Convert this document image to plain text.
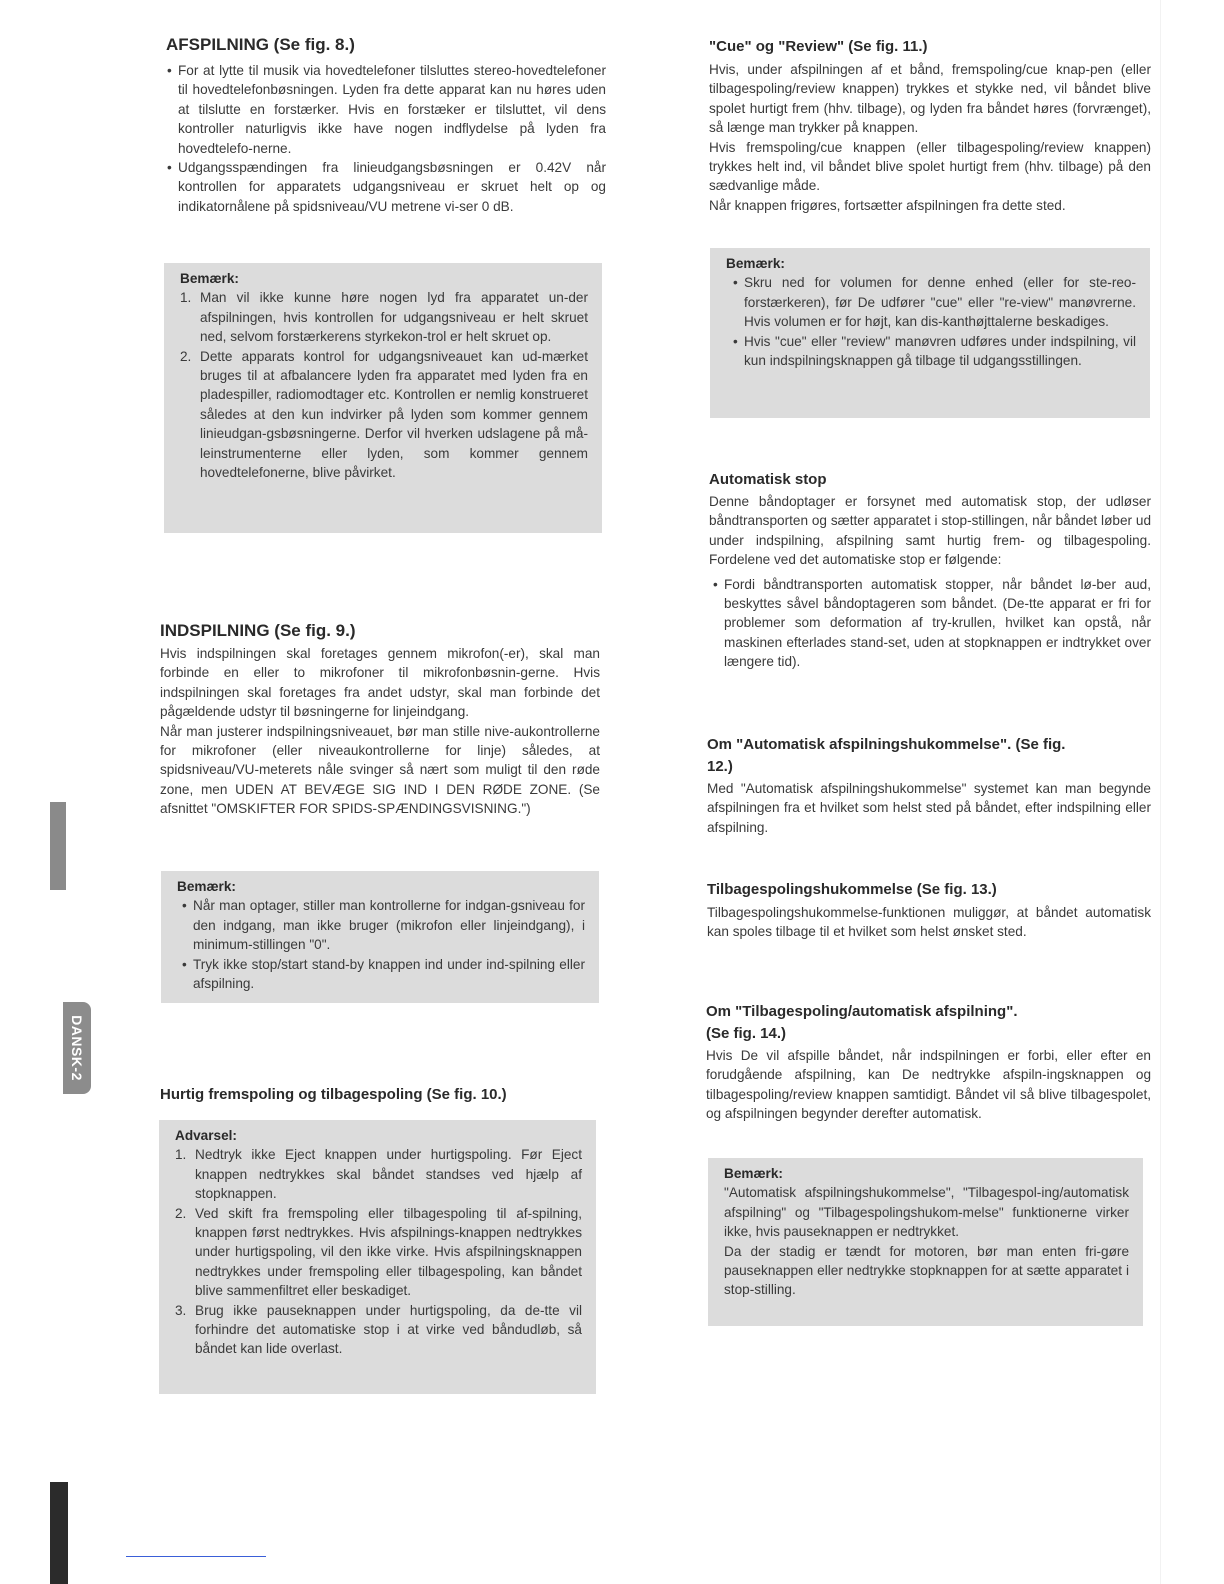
DANSK-2
AFSPILNING (Se fig. 8.)
• For at lytte til musik via hovedtelefoner tilsluttes stereo-hovedtelefoner til hovedtelefonbøsningen. Lyden fra dette apparat kan nu høres uden at tilslutte en forstærker. Hvis en forstæker er tilsluttet, vil dens kontroller naturligvis ikke have nogen indflydelse på lyden fra hovedtelefo-nerne.
• Udgangsspændingen fra linieudgangsbøsningen er 0.42V når kontrollen for apparatets udgangsniveau er skruet helt op og indikatornålene på spidsniveau/VU metrene vi-ser 0 dB.
Bemærk:
1. Man vil ikke kunne høre nogen lyd fra apparatet un-der afspilningen, hvis kontrollen for udgangsniveau er helt skruet ned, selvom forstærkerens styrkekon-trol er helt skruet op.
2. Dette apparats kontrol for udgangsniveauet kan ud-mærket bruges til at afbalancere lyden fra apparatet med lyden fra en pladespiller, radiomodtager etc. Kontrollen er nemlig konstrueret således at den kun indvirker på lyden som kommer gennem linieudgan-gsbøsningerne. Derfor vil hverken udslagene på må-leinstrumenterne eller lyden, som kommer gennem hovedtelefonerne, blive påvirket.
INDSPILNING (Se fig. 9.)

Hvis indspilningen skal foretages gennem mikrofon(-er), skal man forbinde en eller to mikrofoner til mikrofonbøsnin-gerne. Hvis indspilningen skal foretages fra andet udstyr, skal man forbinde det pågældende udstyr til bøsningerne for linjeindgang.

Når man justerer indspilningsniveauet, bør man stille nive-aukontrollerne for mikrofoner (eller niveaukontrollerne for linje) således, at spidsniveau/VU-meterets nåle svinger så nært som muligt til den røde zone, men UDEN AT BEVÆGE SIG IND I DEN RØDE ZONE. (Se afsnittet "OMSKIFTER FOR SPIDS-SPÆNDINGSVISNING.")

Bemærk:
• Når man optager, stiller man kontrollerne for indgan-gsniveau for den indgang, man ikke bruger (mikrofon eller linjeindgang), i minimum-stillingen "0".
• Tryk ikke stop/start stand-by knappen ind under ind-spilning eller afspilning.
Hurtig fremspoling og tilbagespoling (Se fig. 10.)
Advarsel:
1. Nedtryk ikke Eject knappen under hurtigspoling. Før Eject knappen nedtrykkes skal båndet standses ved hjælp af stopknappen.
2. Ved skift fra fremspoling eller tilbagespoling til af-spilning, knappen først nedtrykkes. Hvis afspilnings-knappen nedtrykkes under hurtigspoling, vil den ikke virke. Hvis afspilningsknappen nedtrykkes under fremspoling eller tilbagespoling, kan båndet blive sammenfiltret eller beskadiget.
3. Brug ikke pauseknappen under hurtigspoling, da de-tte vil forhindre det automatiske stop i at virke ved båndudløb, så båndet kan lide overlast.
"Cue" og "Review" (Se fig. 11.)

Hvis, under afspilningen af et bånd, fremspoling/cue knap-pen (eller tilbagespoling/review knappen) trykkes et stykke ned, vil båndet blive spolet hurtigt frem (hhv. tilbage), og lyden fra båndet høres (forvrænget), så længe man trykker på knappen.

Hvis fremspoling/cue knappen (eller tilbagespoling/review knappen) trykkes helt ind, vil båndet blive spolet hurtigt frem (hhv. tilbage) på den sædvanlige måde.

Når knappen frigøres, fortsætter afspilningen fra dette sted.

Bemærk:
• Skru ned for volumen for denne enhed (eller for ste-reo-forstærkeren), før De udfører "cue" eller "re-view" manøvrerne. Hvis volumen er for højt, kan dis-kanthøjttalerne beskadiges.
• Hvis "cue" eller "review" manøvren udføres under indspilning, vil kun indspilningsknappen gå tilbage til udgangsstillingen.
Automatisk stop

Denne båndoptager er forsynet med automatisk stop, der udløser båndtransporten og sætter apparatet i stop-stillingen, når båndet løber ud under indspilning, afspilning samt hurtig frem- og tilbagespoling. Fordelene ved det automatiske stop er følgende:

• Fordi båndtransporten automatisk stopper, når båndet lø-ber aud, beskyttes såvel båndoptageren som båndet. (De-tte apparat er fri for problemer som deformation af try-krullen, hvilket kan opstå, når maskinen efterlades stand-set, uden at stopknappen er indtrykket over længere tid).
Om "Automatisk afspilningshukommelse". (Se fig.
12.)

Med "Automatisk afspilningshukommelse" systemet kan man begynde afspilningen fra et hvilket som helst sted på båndet, efter indspilning eller afspilning.

Tilbagespolingshukommelse (Se fig. 13.)

Tilbagespolingshukommelse-funktionen muliggør, at båndet automatisk kan spoles tilbage til et hvilket som helst ønsket sted.

Om "Tilbagespoling/automatisk afspilning".
(Se fig. 14.)

Hvis De vil afspille båndet, når indspilningen er forbi, eller efter en forudgående afspilning, kan De nedtrykke afspiln-ingsknappen og tilbagespoling/review knappen samtidigt. Båndet vil så blive tilbagespolet, og afspilningen begynder derefter automatisk.

Bemærk:

"Automatisk afspilningshukommelse", "Tilbagespol-ing/automatisk afspilning" og "Tilbagespolingshukom-melse" funktionerne virker ikke, hvis pauseknappen er nedtrykket.

Da der stadig er tændt for motoren, bør man enten fri-gøre pauseknappen eller nedtrykke stopknappen for at sætte apparatet i stop-stilling.
